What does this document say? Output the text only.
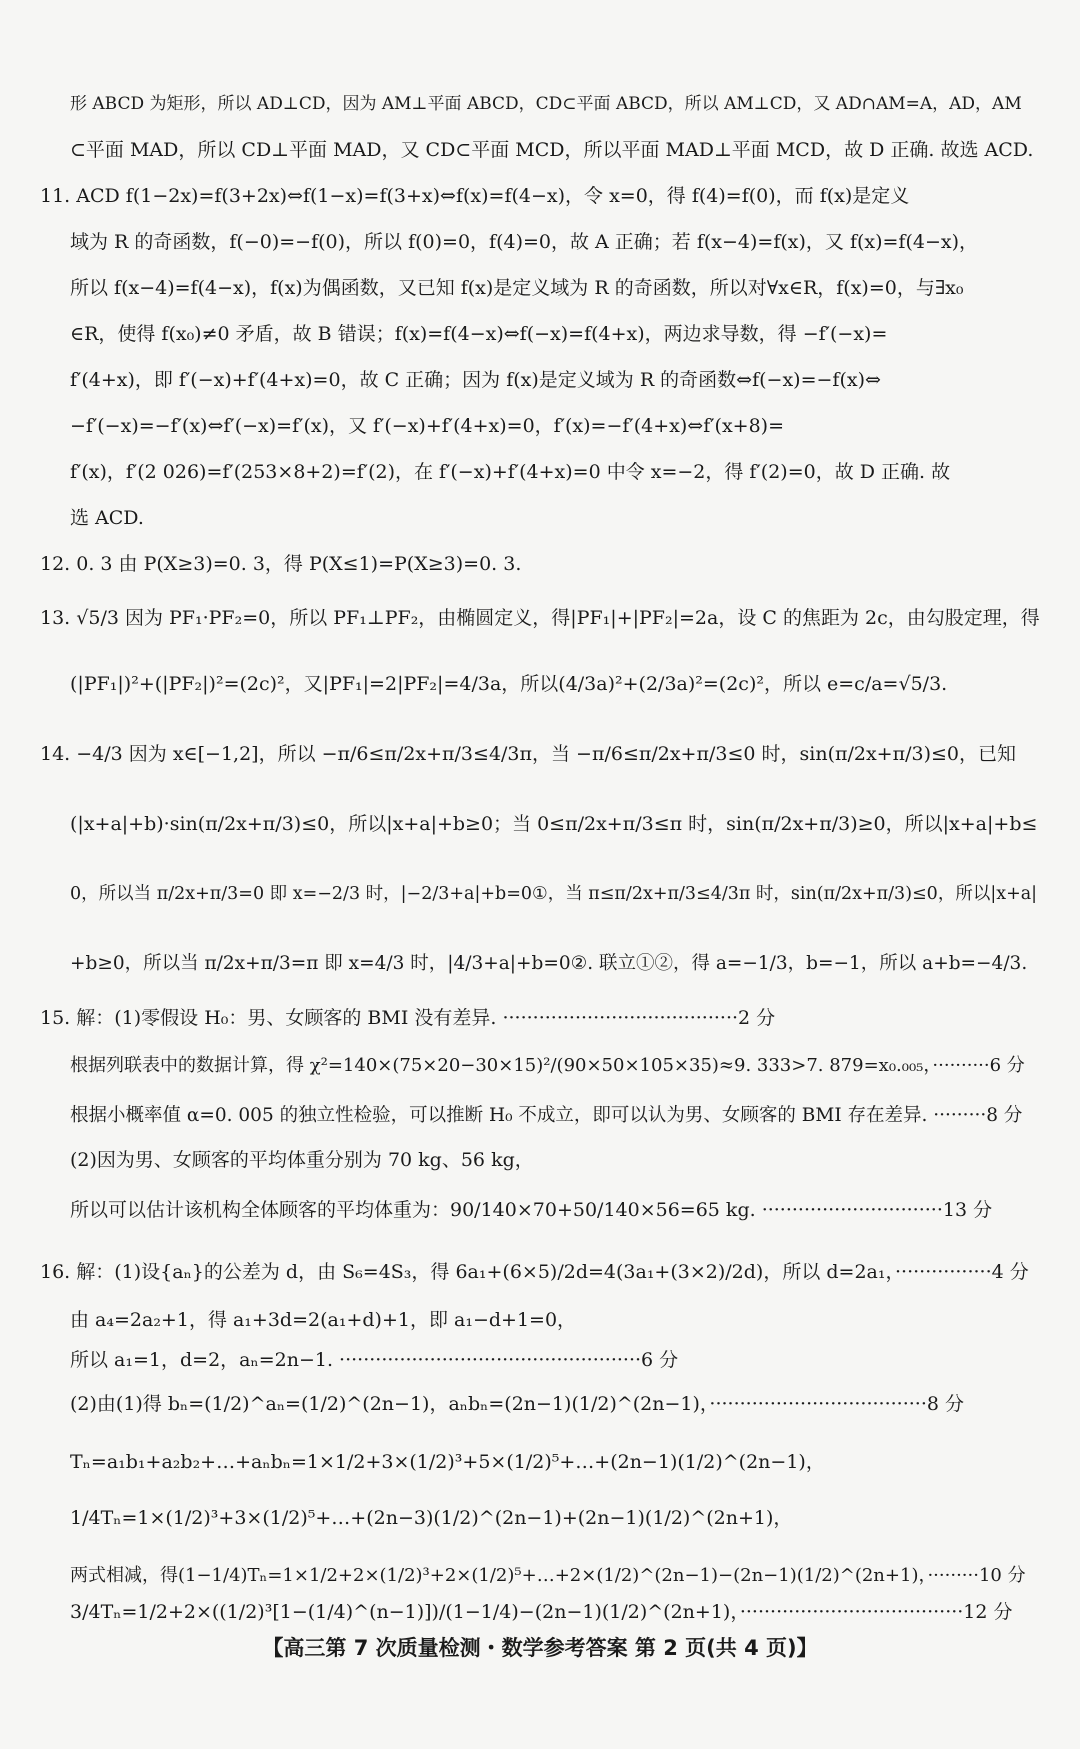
形 ABCD 为矩形，所以 AD⊥CD，因为 AM⊥平面 ABCD，CD⊂平面 ABCD，所以 AM⊥CD，又 AD∩AM=A，AD，AM
⊂平面 MAD，所以 CD⊥平面 MAD，又 CD⊂平面 MCD，所以平面 MAD⊥平面 MCD，故 D 正确. 故选 ACD.
11. ACD f(1−2x)=f(3+2x)⇔f(1−x)=f(3+x)⇔f(x)=f(4−x)，令 x=0，得 f(4)=f(0)，而 f(x)是定义
域为 R 的奇函数，f(−0)=−f(0)，所以 f(0)=0，f(4)=0，故 A 正确；若 f(x−4)=f(x)，又 f(x)=f(4−x)，
所以 f(x−4)=f(4−x)，f(x)为偶函数，又已知 f(x)是定义域为 R 的奇函数，所以对∀x∈R，f(x)=0，与∃x₀
∈R，使得 f(x₀)≠0 矛盾，故 B 错误；f(x)=f(4−x)⇔f(−x)=f(4+x)，两边求导数，得 −f′(−x)=
f′(4+x)，即 f′(−x)+f′(4+x)=0，故 C 正确；因为 f(x)是定义域为 R 的奇函数⇔f(−x)=−f(x)⇔
−f′(−x)=−f′(x)⇔f′(−x)=f′(x)，又 f′(−x)+f′(4+x)=0，f′(x)=−f′(4+x)⇔f′(x+8)=
f′(x)，f′(2 026)=f′(253×8+2)=f′(2)，在 f′(−x)+f′(4+x)=0 中令 x=−2，得 f′(2)=0，故 D 正确. 故
选 ACD.
12. 0. 3 由 P(X≥3)=0. 3，得 P(X≤1)=P(X≥3)=0. 3.
13. √5/3 因为 PF₁·PF₂=0，所以 PF₁⊥PF₂，由椭圆定义，得|PF₁|+|PF₂|=2a，设 C 的焦距为 2c，由勾股定理，得
(|PF₁|)²+(|PF₂|)²=(2c)²，又|PF₁|=2|PF₂|=4/3a，所以(4/3a)²+(2/3a)²=(2c)²，所以 e=c/a=√5/3.
14. −4/3 因为 x∈[−1,2]，所以 −π/6≤π/2x+π/3≤4/3π，当 −π/6≤π/2x+π/3≤0 时，sin(π/2x+π/3)≤0，已知
(|x+a|+b)·sin(π/2x+π/3)≤0，所以|x+a|+b≥0；当 0≤π/2x+π/3≤π 时，sin(π/2x+π/3)≥0，所以|x+a|+b≤
0，所以当 π/2x+π/3=0 即 x=−2/3 时，|−2/3+a|+b=0①，当 π≤π/2x+π/3≤4/3π 时，sin(π/2x+π/3)≤0，所以|x+a|
+b≥0，所以当 π/2x+π/3=π 即 x=4/3 时，|4/3+a|+b=0②. 联立①②，得 a=−1/3，b=−1，所以 a+b=−4/3.
15. 解：(1)零假设 H₀：男、女顾客的 BMI 没有差异. ·······································2 分
根据列联表中的数据计算，得 χ²=140×(75×20−30×15)²/(90×50×105×35)≈9. 333>7. 879=x₀.₀₀₅，··········6 分
根据小概率值 α=0. 005 的独立性检验，可以推断 H₀ 不成立，即可以认为男、女顾客的 BMI 存在差异. ·········8 分
(2)因为男、女顾客的平均体重分别为 70 kg、56 kg，
所以可以估计该机构全体顾客的平均体重为：90/140×70+50/140×56=65 kg. ······························13 分
16. 解：(1)设{aₙ}的公差为 d，由 S₆=4S₃，得 6a₁+(6×5)/2d=4(3a₁+(3×2)/2d)，所以 d=2a₁，················4 分
由 a₄=2a₂+1，得 a₁+3d=2(a₁+d)+1，即 a₁−d+1=0，
所以 a₁=1，d=2，aₙ=2n−1. ··················································6 分
(2)由(1)得 bₙ=(1/2)^aₙ=(1/2)^(2n−1)，aₙbₙ=(2n−1)(1/2)^(2n−1)，····································8 分
Tₙ=a₁b₁+a₂b₂+…+aₙbₙ=1×1/2+3×(1/2)³+5×(1/2)⁵+…+(2n−1)(1/2)^(2n−1)，
1/4Tₙ=1×(1/2)³+3×(1/2)⁵+…+(2n−3)(1/2)^(2n−1)+(2n−1)(1/2)^(2n+1)，
两式相减，得(1−1/4)Tₙ=1×1/2+2×(1/2)³+2×(1/2)⁵+…+2×(1/2)^(2n−1)−(2n−1)(1/2)^(2n+1)，·········10 分
3/4Tₙ=1/2+2×((1/2)³[1−(1/4)^(n−1)])/(1−1/4)−(2n−1)(1/2)^(2n+1)，·····································12 分
【高三第 7 次质量检测・数学参考答案 第 2 页(共 4 页)】
